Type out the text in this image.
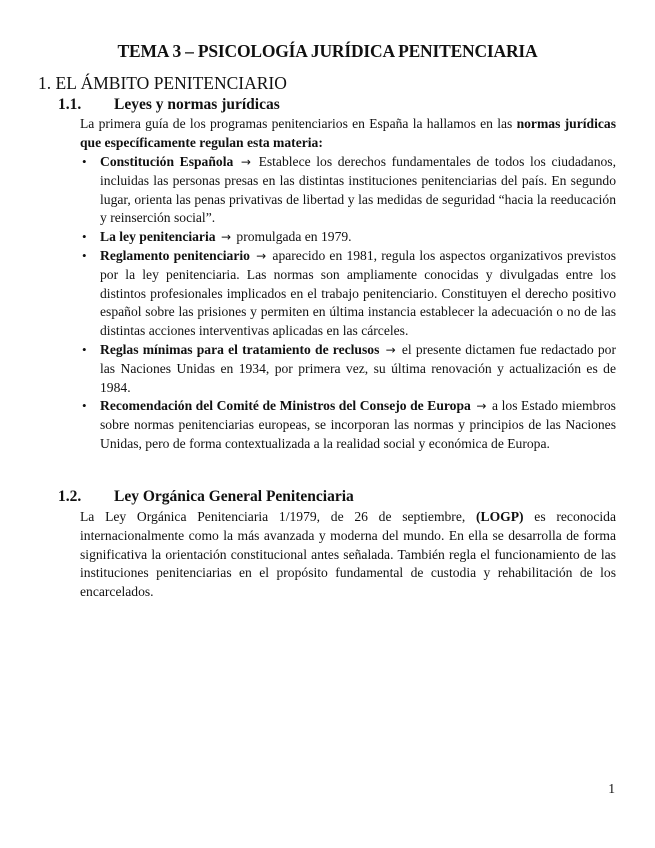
TEMA 3 – PSICOLOGÍA JURÍDICA PENITENCIARIA
1. EL ÁMBITO PENITENCIARIO
1.1. Leyes y normas jurídicas

La primera guía de los programas penitenciarios en España la hallamos en las normas jurídicas que específicamente regulan esta materia:

• Constitución Española → Establece los derechos fundamentales de todos los ciudadanos, incluidas las personas presas en las distintas instituciones penitenciarias del país. En segundo lugar, orienta las penas privativas de libertad y las medidas de seguridad “hacia la reeducación y reinserción social”.
• La ley penitenciaria → promulgada en 1979.
• Reglamento penitenciario → aparecido en 1981, regula los aspectos organizativos previstos por la ley penitenciaria. Las normas son ampliamente conocidas y divulgadas entre los distintos profesionales implicados en el trabajo penitenciario. Constituyen el derecho positivo español sobre las prisiones y permiten en última instancia establecer la adecuación o no de las distintas acciones interventivas aplicadas en las cárceles.
• Reglas mínimas para el tratamiento de reclusos → el presente dictamen fue redactado por las Naciones Unidas en 1934, por primera vez, su última renovación y actualización es de 1984.
• Recomendación del Comité de Ministros del Consejo de Europa → a los Estado miembros sobre normas penitenciarias europeas, se incorporan las normas y principios de las Naciones Unidas, pero de forma contextualizada a la realidad social y económica de Europa.
1.2. Ley Orgánica General Penitenciaria

La Ley Orgánica Penitenciaria 1/1979, de 26 de septiembre, (LOGP) es reconocida internacionalmente como la más avanzada y moderna del mundo. En ella se desarrolla de forma significativa la orientación constitucional antes señalada. También regla el funcionamiento de las instituciones penitenciarias en el propósito fundamental de custodia y rehabilitación de los encarcelados.

1
